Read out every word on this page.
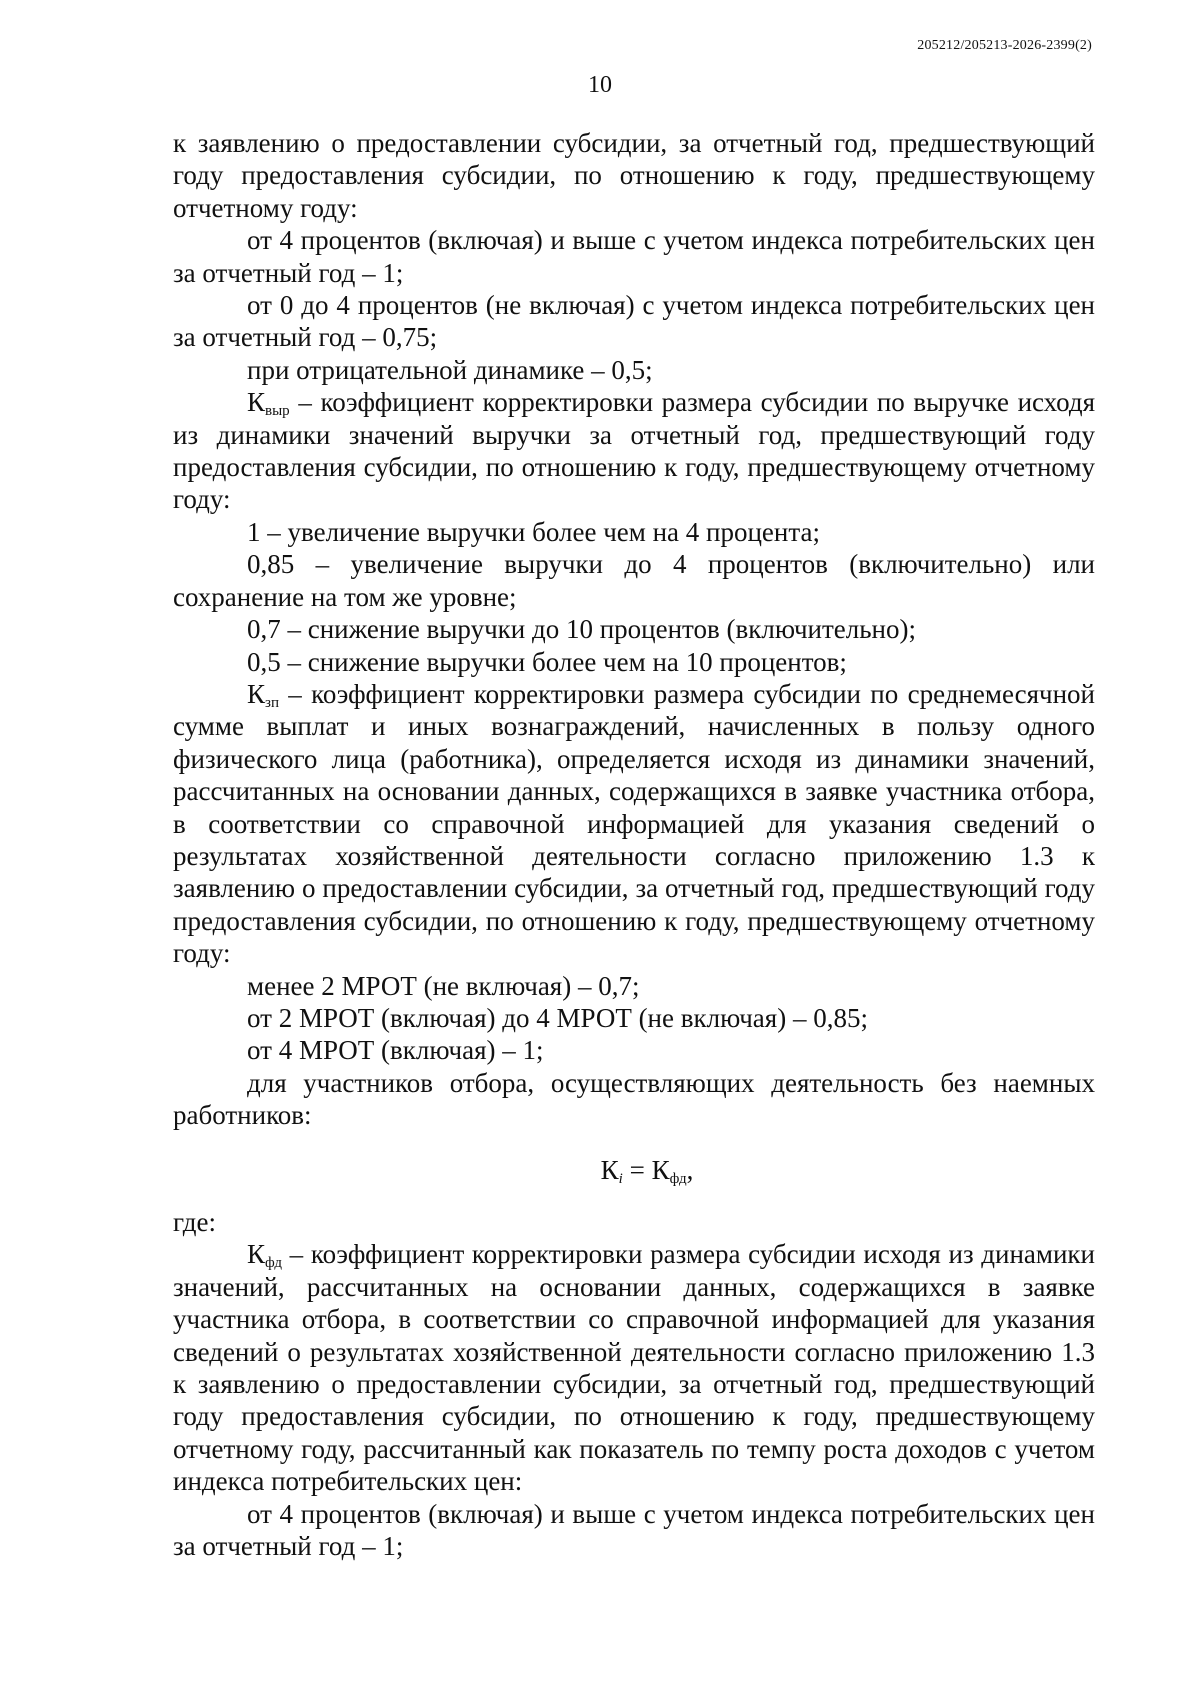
205212/205213-2026-2399(2)
10

к заявлению о предоставлении субсидии, за отчетный год, предшествующий году предоставления субсидии, по отношению к году, предшествующему отчетному году:

от 4 процентов (включая) и выше с учетом индекса потребительских цен за отчетный год – 1;

от 0 до 4 процентов (не включая) с учетом индекса потребительских цен за отчетный год – 0,75;

при отрицательной динамике – 0,5;

$К_{выр}$ – коэффициент корректировки размера субсидии по выручке исходя из динамики значений выручки за отчетный год, предшествующий году предоставления субсидии, по отношению к году, предшествующему отчетному году:

1 – увеличение выручки более чем на 4 процента;

0,85 – увеличение выручки до 4 процентов (включительно) или сохранение на том же уровне;

0,7 – снижение выручки до 10 процентов (включительно);

0,5 – снижение выручки более чем на 10 процентов;

$К_{зп}$ – коэффициент корректировки размера субсидии по среднемесячной сумме выплат и иных вознаграждений, начисленных в пользу одного физического лица (работника), определяется исходя из динамики значений, рассчитанных на основании данных, содержащихся в заявке участника отбора, в соответствии со справочной информацией для указания сведений о результатах хозяйственной деятельности согласно приложению 1.3 к заявлению о предоставлении субсидии, за отчетный год, предшествующий году предоставления субсидии, по отношению к году, предшествующему отчетному году:

менее 2 МРОТ (не включая) – 0,7;

от 2 МРОТ (включая) до 4 МРОТ (не включая) – 0,85;

от 4 МРОТ (включая) – 1;

для участников отбора, осуществляющих деятельность без наемных работников:

$К_i = К_{фд}$,

где:

$К_{фд}$ – коэффициент корректировки размера субсидии исходя из динамики значений, рассчитанных на основании данных, содержащихся в заявке участника отбора, в соответствии со справочной информацией для указания сведений о результатах хозяйственной деятельности согласно приложению 1.3 к заявлению о предоставлении субсидии, за отчетный год, предшествующий году предоставления субсидии, по отношению к году, предшествующему отчетному году, рассчитанный как показатель по темпу роста доходов с учетом индекса потребительских цен:

от 4 процентов (включая) и выше с учетом индекса потребительских цен за отчетный год – 1;
